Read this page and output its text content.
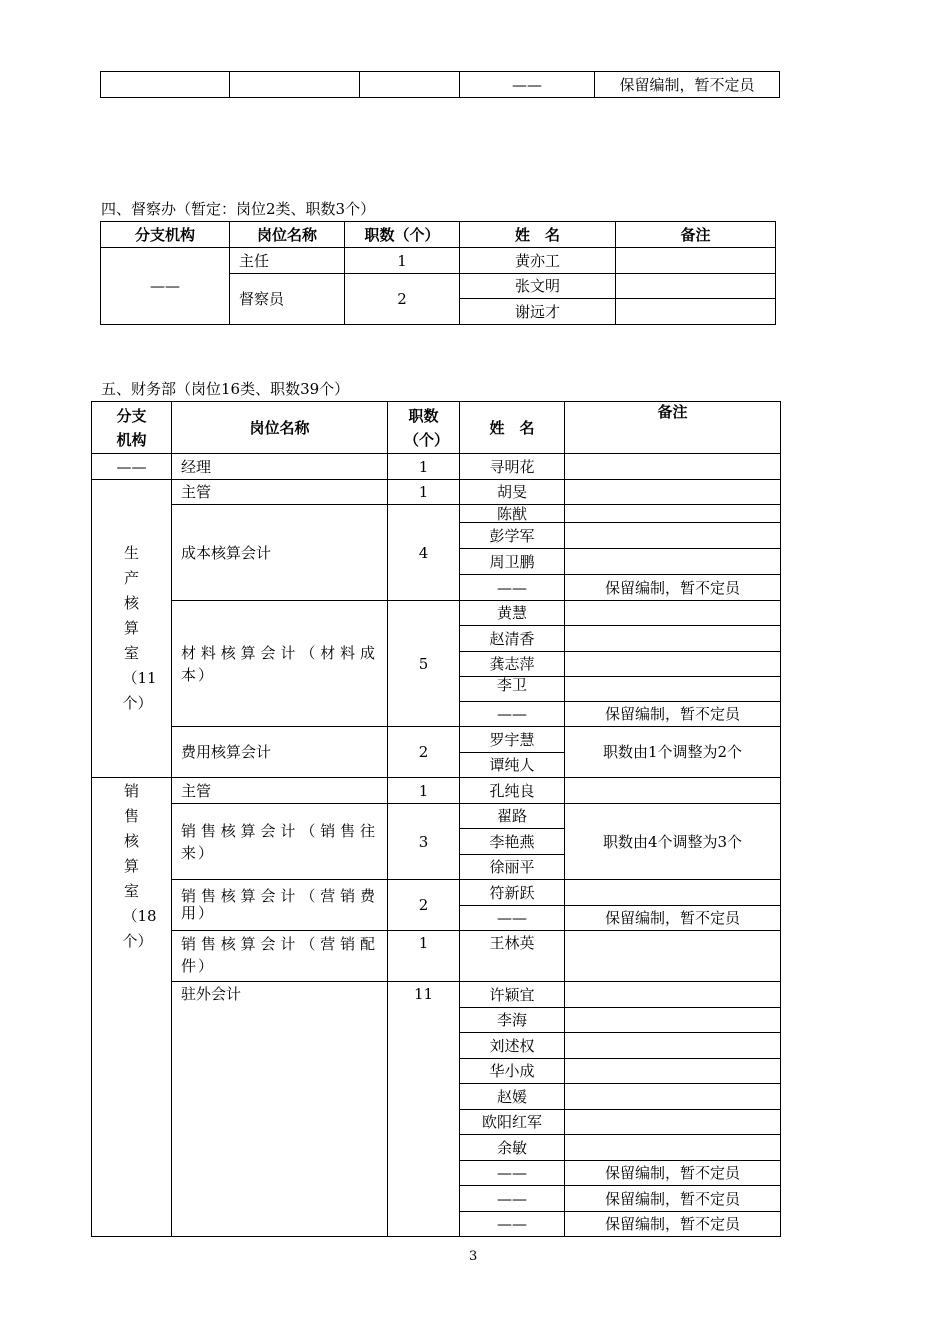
			——	保留编制，暂不定员
四、督察办（暂定：岗位2类、职数3个）
分支机构	岗位名称	职数（个）	姓　名	备注
——	主任	1	黄亦工	
	督察员	2	张文明	
			谢远才	
五、财务部（岗位16类、职数39个）
分支机构	岗位名称	职数（个）	姓　名	备注
——	经理	1	寻明花	
生产核算室（11个）	主管	1	胡旻	
	成本核算会计	4	陈猷	
			彭学军	
			周卫鹏	
			——	保留编制，暂不定员

	材料核算会计（材料成本）	5	黄慧	
			赵清香	
			龚志萍	
			李卫	
			——	保留编制，暂不定员
	费用核算会计	2	罗宇慧	职数由1个调整为2个
			谭纯人	
销售核算室（18个）	主管	1	孔纯良	

	销售核算会计（销售往来）	3	翟路	职数由4个调整为3个
			李艳燕	
			徐丽平	

	销售核算会计（营销费用）	2	符新跃	
			——	保留编制，暂不定员

	销售核算会计（营销配件）	1	王林英	
	驻外会计	11	许颖宜	
			李海	
			刘述权	
			华小成	
			赵媛	
			欧阳红军	
			余敏	
			——	保留编制，暂不定员
			——	保留编制，暂不定员
			——	保留编制，暂不定员
3
